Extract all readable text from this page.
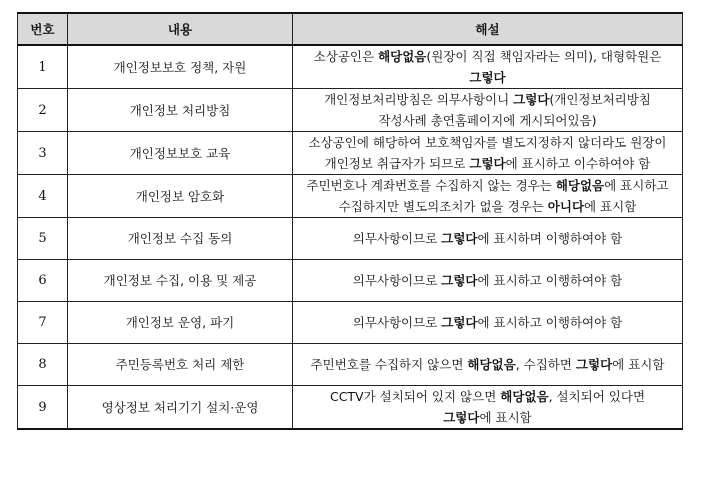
번호	내용	해설
1	개인정보보호 정책, 자원	소상공인은 해당없음(원장이 직접 책임자라는 의미), 대형학원은
그렇다
2	개인정보 처리방침	개인정보처리방침은 의무사항이니 그렇다(개인정보처리방침
작성사례 총연홈페이지에 게시되어있음)
3	개인정보보호 교육	소상공인에 해당하여 보호책임자를 별도지정하지 않더라도 원장이
개인정보 취급자가 되므로 그렇다에 표시하고 이수하여야 함
4	개인정보 암호화	주민번호나 계좌번호를 수집하지 않는 경우는 해당없음에 표시하고
수집하지만 별도의조치가 없을 경우는 아니다에 표시함
5	개인정보 수집 동의	의무사항이므로 그렇다에 표시하며 이행하여야 함
6	개인정보 수집, 이용 및 제공	의무사항이므로 그렇다에 표시하고 이행하여야 함
7	개인정보 운영, 파기	의무사항이므로 그렇다에 표시하고 이행하여야 함
8	주민등록번호 처리 제한	주민번호를 수집하지 않으면 해당없음, 수집하면 그렇다에 표시함
9	영상정보 처리기기 설치·운영	CCTV가 설치되어 있지 않으면 해당없음, 설치되어 있다면
그렇다에 표시함
